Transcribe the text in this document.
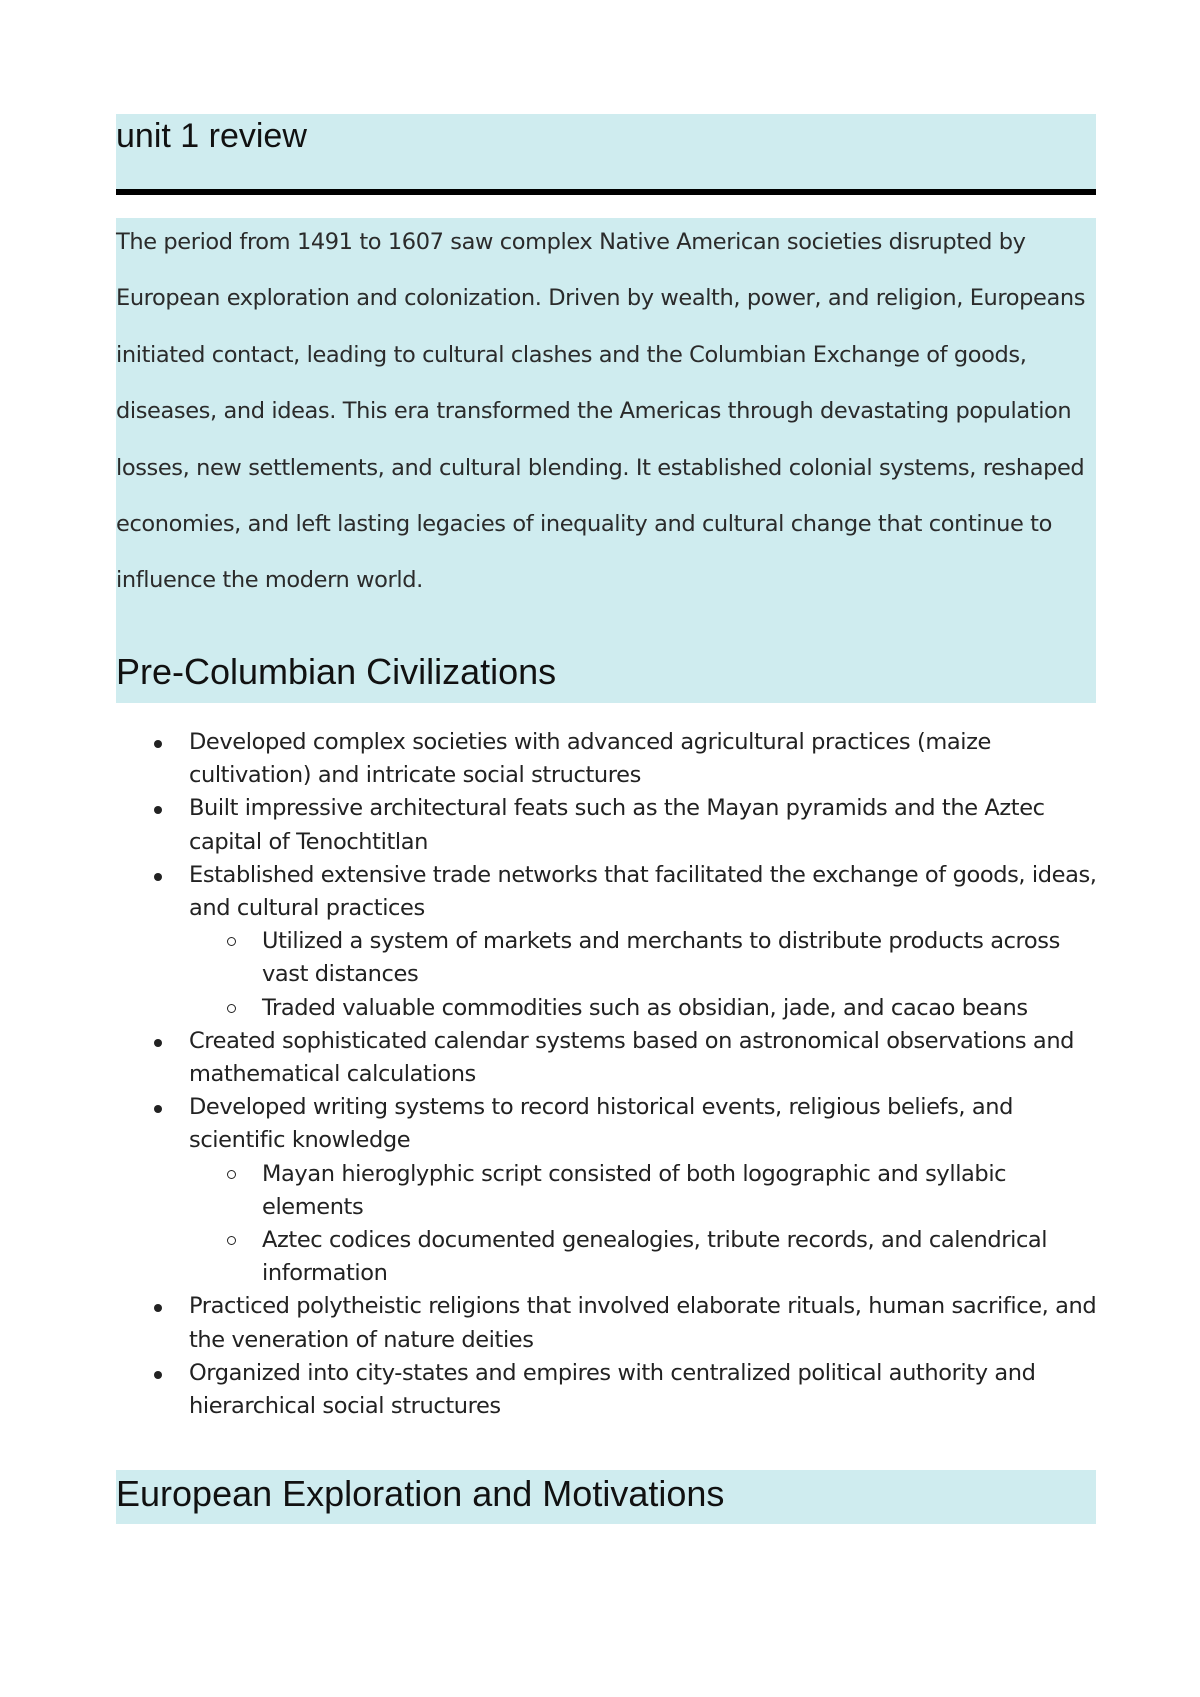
unit 1 review

The period from 1491 to 1607 saw complex Native American societies disrupted by European exploration and colonization. Driven by wealth, power, and religion, Europeans initiated contact, leading to cultural clashes and the Columbian Exchange of goods, diseases, and ideas. This era transformed the Americas through devastating population losses, new settlements, and cultural blending. It established colonial systems, reshaped economies, and left lasting legacies of inequality and cultural change that continue to influence the modern world.

Pre-Columbian Civilizations
Developed complex societies with advanced agricultural practices (maize cultivation) and intricate social structures
Built impressive architectural feats such as the Mayan pyramids and the Aztec capital of Tenochtitlan
Established extensive trade networks that facilitated the exchange of goods, ideas, and cultural practices
Utilized a system of markets and merchants to distribute products across vast distances
Traded valuable commodities such as obsidian, jade, and cacao beans
Created sophisticated calendar systems based on astronomical observations and mathematical calculations
Developed writing systems to record historical events, religious beliefs, and scientific knowledge
Mayan hieroglyphic script consisted of both logographic and syllabic elements
Aztec codices documented genealogies, tribute records, and calendrical information
Practiced polytheistic religions that involved elaborate rituals, human sacrifice, and the veneration of nature deities
Organized into city-states and empires with centralized political authority and hierarchical social structures
European Exploration and Motivations
